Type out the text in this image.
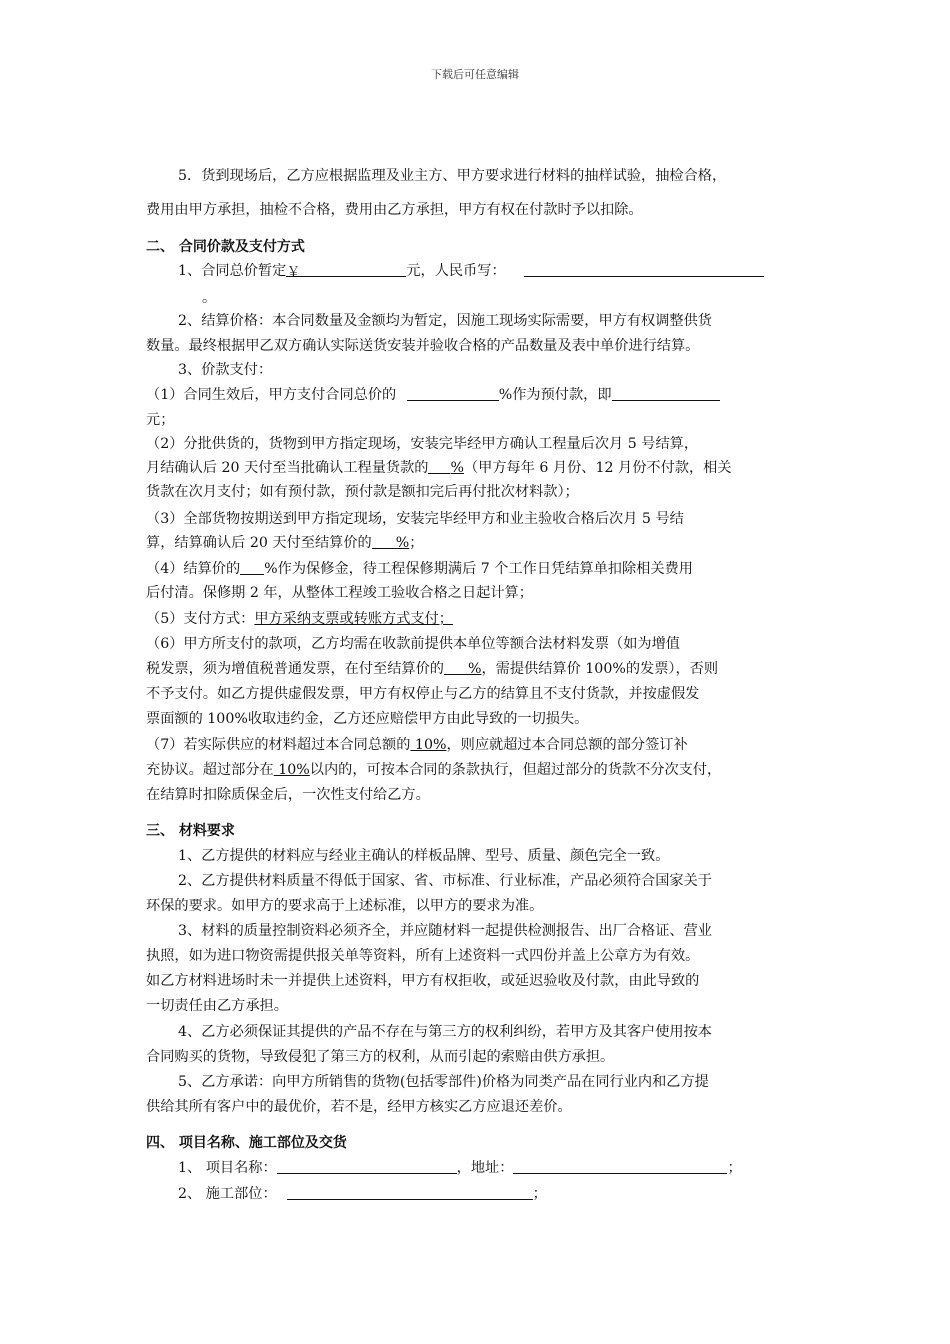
下载后可任意编辑
5．货到现场后，乙方应根据监理及业主方、甲方要求进行材料的抽样试验，抽检合格，
费用由甲方承担，抽检不合格，费用由乙方承担，甲方有权在付款时予以扣除。
二、 合同价款及支付方式
1、合同总价暂定￥	元，人民币写：
。
2、结算价格：本合同数量及金额均为暂定，因施工现场实际需要，甲方有权调整供货
数量。最终根据甲乙双方确认实际送货安装并验收合格的产品数量及表中单价进行结算。
3、价款支付：
（1）合同生效后，甲方支付合同总价的	%作为预付款，即
元；
（2）分批供货的，货物到甲方指定现场，安装完毕经甲方确认工程量后次月 5 号结算，
月结确认后 20 天付至当批确认工程量货款的 %（甲方每年 6 月份、12 月份不付款，相关
货款在次月支付；如有预付款，预付款是额扣完后再付批次材料款）；
（3）全部货物按期送到甲方指定现场，安装完毕经甲方和业主验收合格后次月 5 号结
算，结算确认后 20 天付至结算价的 %；
（4）结算价的 %作为保修金，待工程保修期满后 7 个工作日凭结算单扣除相关费用
后付清。保修期 2 年，从整体工程竣工验收合格之日起计算；
（5）支付方式：甲方采纳支票或转账方式支付；
（6）甲方所支付的款项，乙方均需在收款前提供本单位等额合法材料发票（如为增值
税发票，须为增值税普通发票，在付至结算价的 %，需提供结算价 100%的发票），否则
不予支付。如乙方提供虚假发票，甲方有权停止与乙方的结算且不支付货款，并按虚假发
票面额的 100%收取违约金，乙方还应赔偿甲方由此导致的一切损失。
（7）若实际供应的材料超过本合同总额的 10%，则应就超过本合同总额的部分签订补
充协议。超过部分在 10%以内的，可按本合同的条款执行，但超过部分的货款不分次支付，
在结算时扣除质保金后，一次性支付给乙方。
三、 材料要求
1、乙方提供的材料应与经业主确认的样板品牌、型号、质量、颜色完全一致。
2、乙方提供材料质量不得低于国家、省、市标准、行业标准，产品必须符合国家关于
环保的要求。如甲方的要求高于上述标准，以甲方的要求为准。
3、材料的质量控制资料必须齐全，并应随材料一起提供检测报告、出厂合格证、营业
执照，如为进口物资需提供报关单等资料，所有上述资料一式四份并盖上公章方为有效。
如乙方材料进场时未一并提供上述资料，甲方有权拒收，或延迟验收及付款，由此导致的
一切责任由乙方承担。
4、乙方必须保证其提供的产品不存在与第三方的权利纠纷，若甲方及其客户使用按本
合同购买的货物，导致侵犯了第三方的权利，从而引起的索赔由供方承担。
5、乙方承诺：向甲方所销售的货物(包括零部件)价格为同类产品在同行业内和乙方提
供给其所有客户中的最优价，若不是，经甲方核实乙方应退还差价。
四、 项目名称、施工部位及交货
1、 项目名称：	，地址：	；
2、 施工部位：	；
